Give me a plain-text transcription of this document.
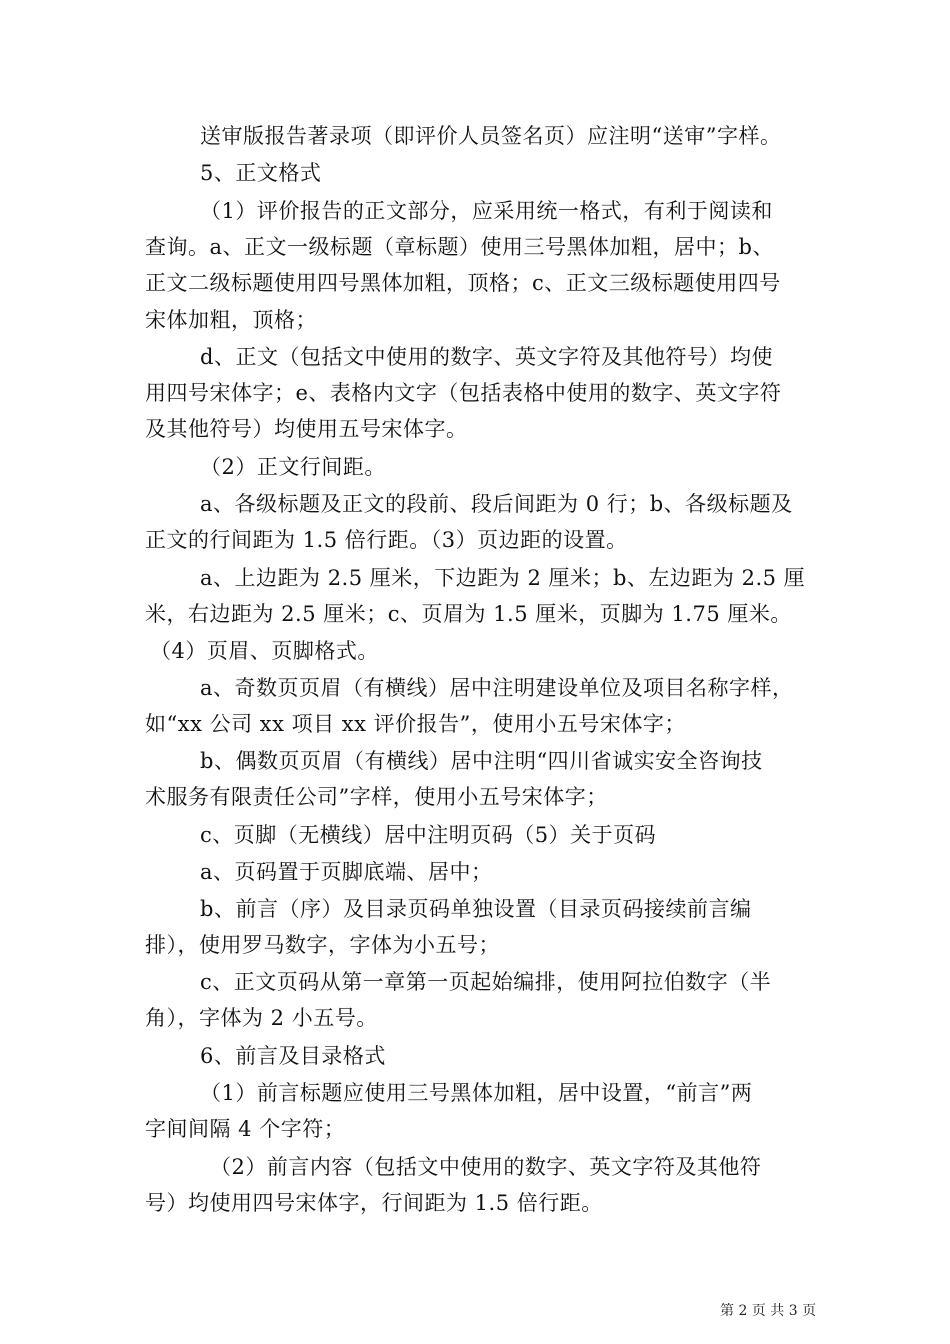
送审版报告著录项（即评价人员签名页）应注明“送审”字样。
5、正文格式
（1）评价报告的正文部分，应采用统一格式，有利于阅读和
查询。a、正文一级标题（章标题）使用三号黑体加粗，居中；b、
正文二级标题使用四号黑体加粗，顶格；c、正文三级标题使用四号
宋体加粗，顶格；
d、正文（包括文中使用的数字、英文字符及其他符号）均使
用四号宋体字；e、表格内文字（包括表格中使用的数字、英文字符
及其他符号）均使用五号宋体字。
（2）正文行间距。
a、各级标题及正文的段前、段后间距为 0 行；b、各级标题及
正文的行间距为 1.5 倍行距。（3）页边距的设置。
a、上边距为 2.5 厘米，下边距为 2 厘米；b、左边距为 2.5 厘
米，右边距为 2.5 厘米；c、页眉为 1.5 厘米，页脚为 1.75 厘米。
（4）页眉、页脚格式。
a、奇数页页眉（有横线）居中注明建设单位及项目名称字样，
如“xx 公司 xx 项目 xx 评价报告”，使用小五号宋体字；
b、偶数页页眉（有横线）居中注明“四川省诚实安全咨询技
术服务有限责任公司”字样，使用小五号宋体字；
c、页脚（无横线）居中注明页码（5）关于页码
a、页码置于页脚底端、居中；
b、前言（序）及目录页码单独设置（目录页码接续前言编
排），使用罗马数字，字体为小五号；
c、正文页码从第一章第一页起始编排，使用阿拉伯数字（半
角），字体为 2 小五号。
6、前言及目录格式
（1）前言标题应使用三号黑体加粗，居中设置，“前言”两
字间间隔 4 个字符；
（2）前言内容（包括文中使用的数字、英文字符及其他符
号）均使用四号宋体字，行间距为 1.5 倍行距。
第 2 页 共 3 页
